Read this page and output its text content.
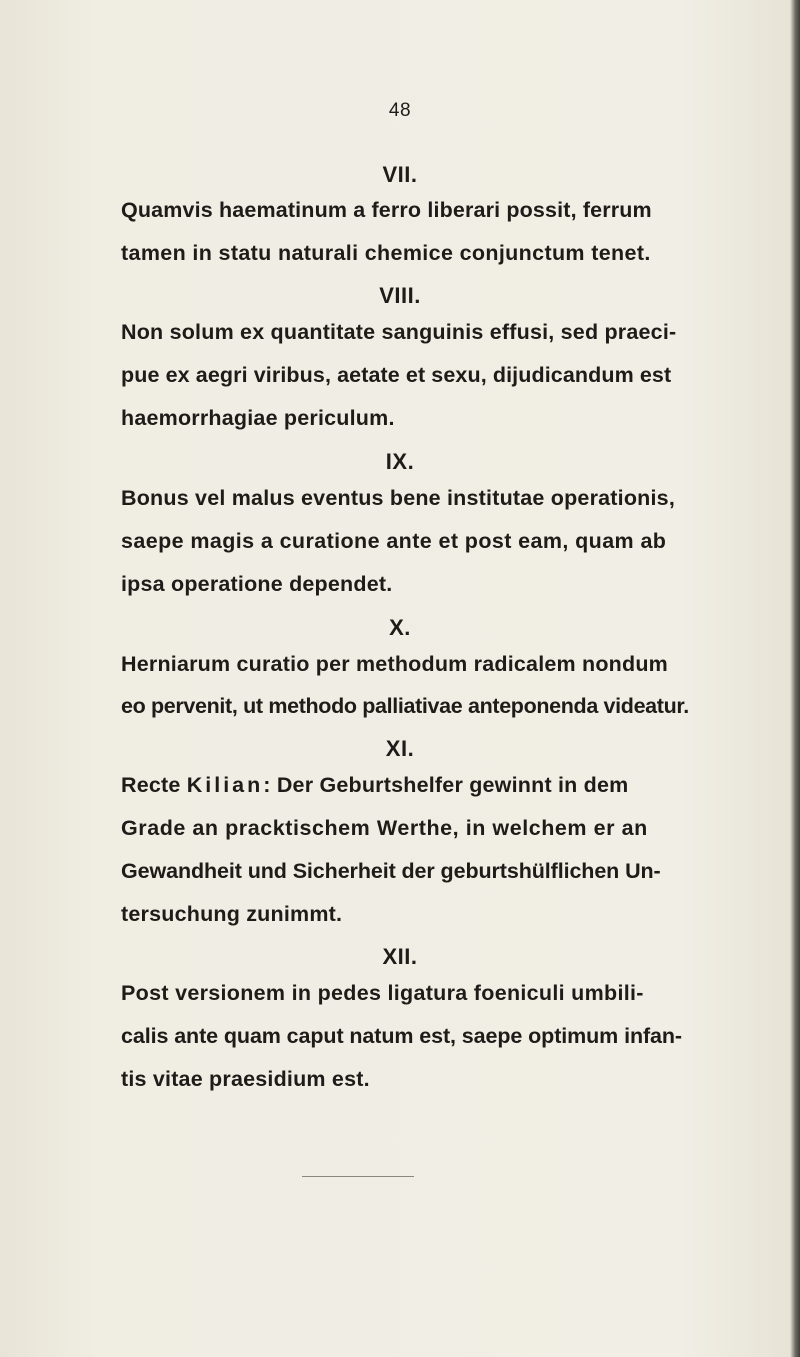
48
VII.
Quamvis haematinum a ferro liberari possit, ferrum
tamen in statu naturali chemice conjunctum tenet.
VIII.
Non solum ex quantitate sanguinis effusi, sed praeci-
pue ex aegri viribus, aetate et sexu, dijudicandum est
haemorrhagiae periculum.
IX.
Bonus vel malus eventus bene institutae operationis,
saepe magis a curatione ante et post eam, quam ab
ipsa operatione dependet.
X.
Herniarum curatio per methodum radicalem nondum
eo pervenit, ut methodo palliativae anteponenda videatur.
XI.
Recte Kilian: Der Geburtshelfer gewinnt in dem
Grade an pracktischem Werthe, in welchem er an
Gewandheit und Sicherheit der geburtshülflichen Un-
tersuchung zunimmt.
XII.
Post versionem in pedes ligatura foeniculi umbili-
calis ante quam caput natum est, saepe optimum infan-
tis vitae praesidium est.
